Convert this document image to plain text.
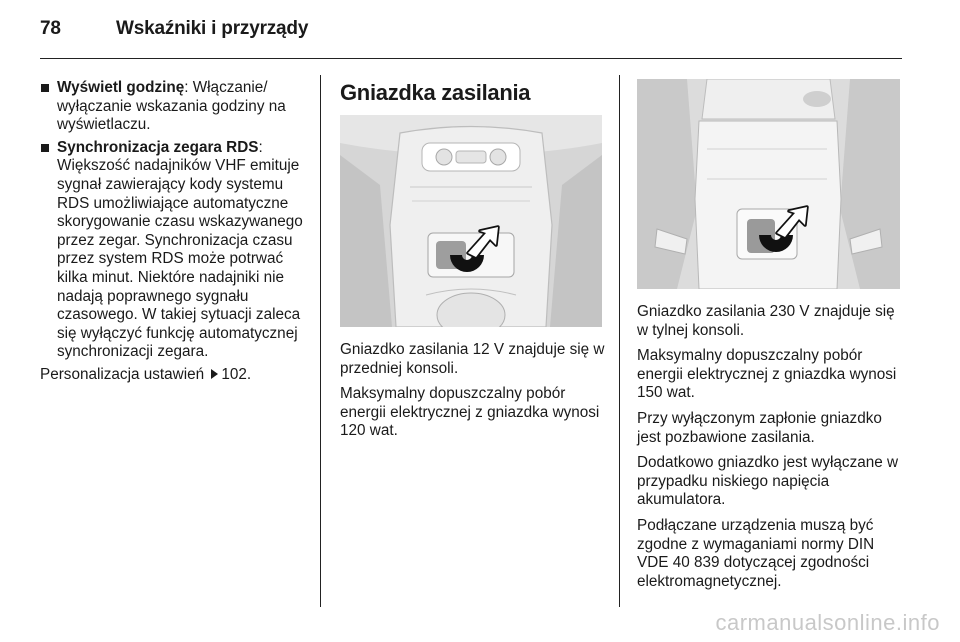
78	Wskaźniki i przyrządy

Wyświetl godzinę: Włączanie/ wyłączanie wskazania godziny na wyświetlaczu.

Synchronizacja zegara RDS: Większość nadajników VHF emituje sygnał zawierający kody systemu RDS umożliwiające automatyczne skorygowanie czasu wskazywanego przez zegar. Synchronizacja czasu przez system RDS może potrwać kilka minut. Niektóre nadajniki nie nadają poprawnego sygnału czasowego. W takiej sytuacji zaleca się wyłączyć funkcję automatycznej synchronizacji zegara.

Personalizacja ustawień 102.

Gniazdka zasilania

Gniazdko zasilania 12 V znajduje się w przedniej konsoli.

Maksymalny dopuszczalny pobór energii elektrycznej z gniazdka wynosi 120 wat.

Gniazdko zasilania 230 V znajduje się w tylnej konsoli.

Maksymalny dopuszczalny pobór energii elektrycznej z gniazdka wynosi 150 wat.

Przy wyłączonym zapłonie gniazdko jest pozbawione zasilania.

Dodatkowo gniazdko jest wyłączane w przypadku niskiego napięcia akumulatora.

Podłączane urządzenia muszą być zgodne z wymaganiami normy DIN VDE 40 839 dotyczącej zgodności elektromagnetycznej.

carmanualsonline.info
